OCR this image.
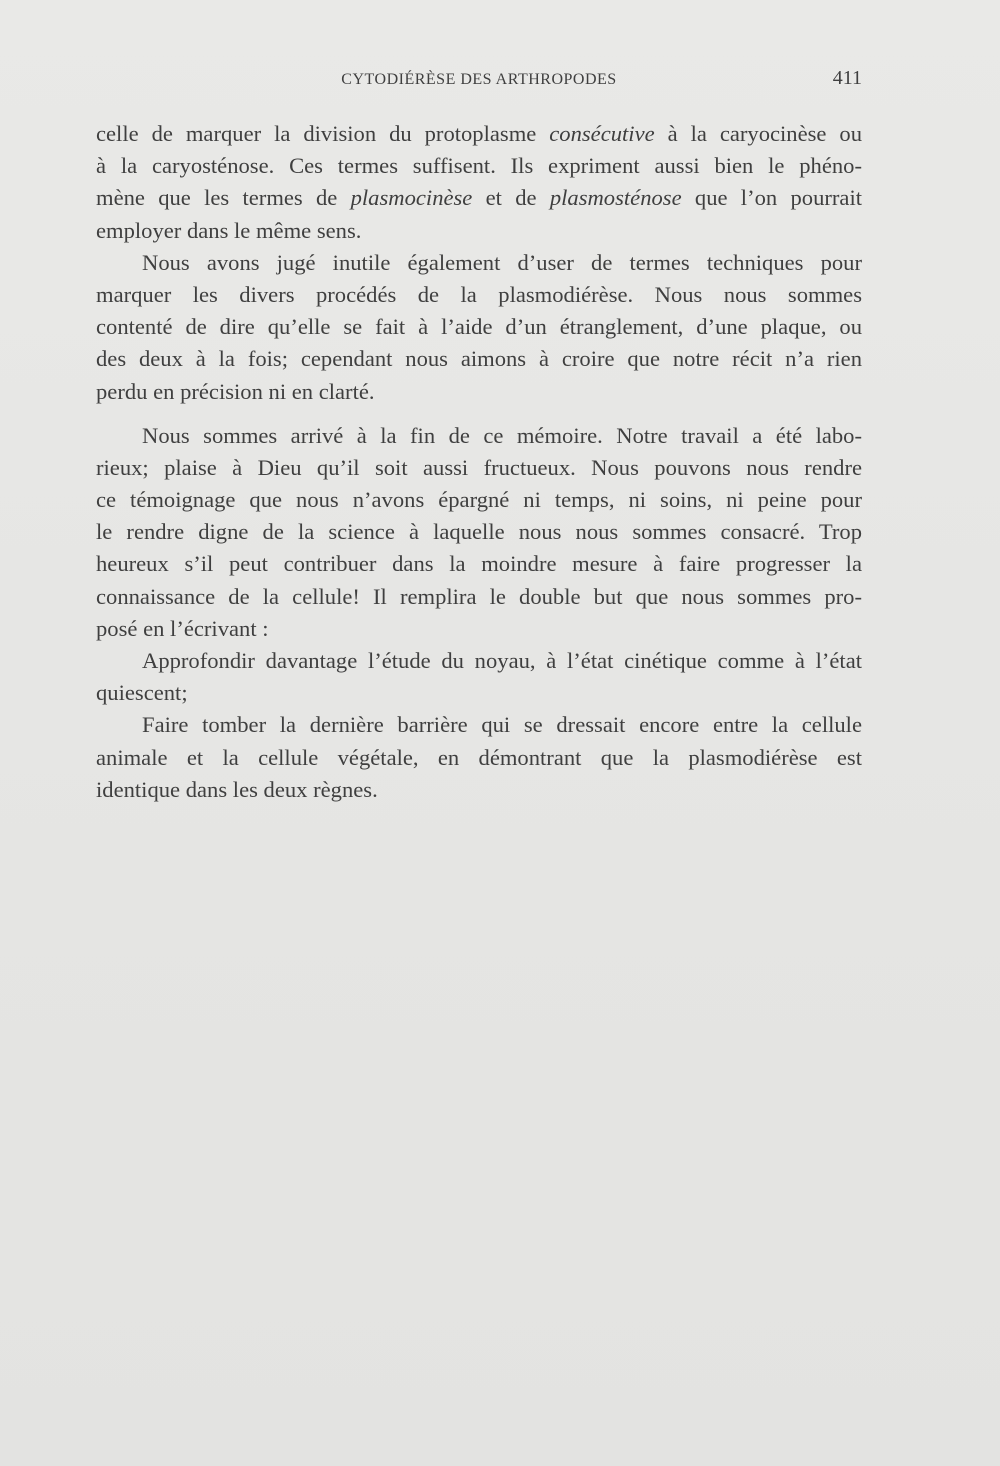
CYTODIÉRÈSE DES ARTHROPODES	411
celle de marquer la division du protoplasme consécutive à la caryocinèse ou
à la caryosténose. Ces termes suffisent. Ils expriment aussi bien le phéno-
mène que les termes de plasmocinèse et de plasmosténose que l’on pourrait
employer dans le même sens.
Nous avons jugé inutile également d’user de termes techniques pour
marquer les divers procédés de la plasmodiérèse. Nous nous sommes
contenté de dire qu’elle se fait à l’aide d’un étranglement, d’une plaque, ou
des deux à la fois; cependant nous aimons à croire que notre récit n’a rien
perdu en précision ni en clarté.
Nous sommes arrivé à la fin de ce mémoire. Notre travail a été labo-
rieux; plaise à Dieu qu’il soit aussi fructueux. Nous pouvons nous rendre
ce témoignage que nous n’avons épargné ni temps, ni soins, ni peine pour
le rendre digne de la science à laquelle nous nous sommes consacré. Trop
heureux s’il peut contribuer dans la moindre mesure à faire progresser la
connaissance de la cellule! Il remplira le double but que nous sommes pro-
posé en l’écrivant :
Approfondir davantage l’étude du noyau, à l’état cinétique comme à l’état
quiescent;
Faire tomber la dernière barrière qui se dressait encore entre la cellule
animale et la cellule végétale, en démontrant que la plasmodiérèse est
identique dans les deux règnes.
